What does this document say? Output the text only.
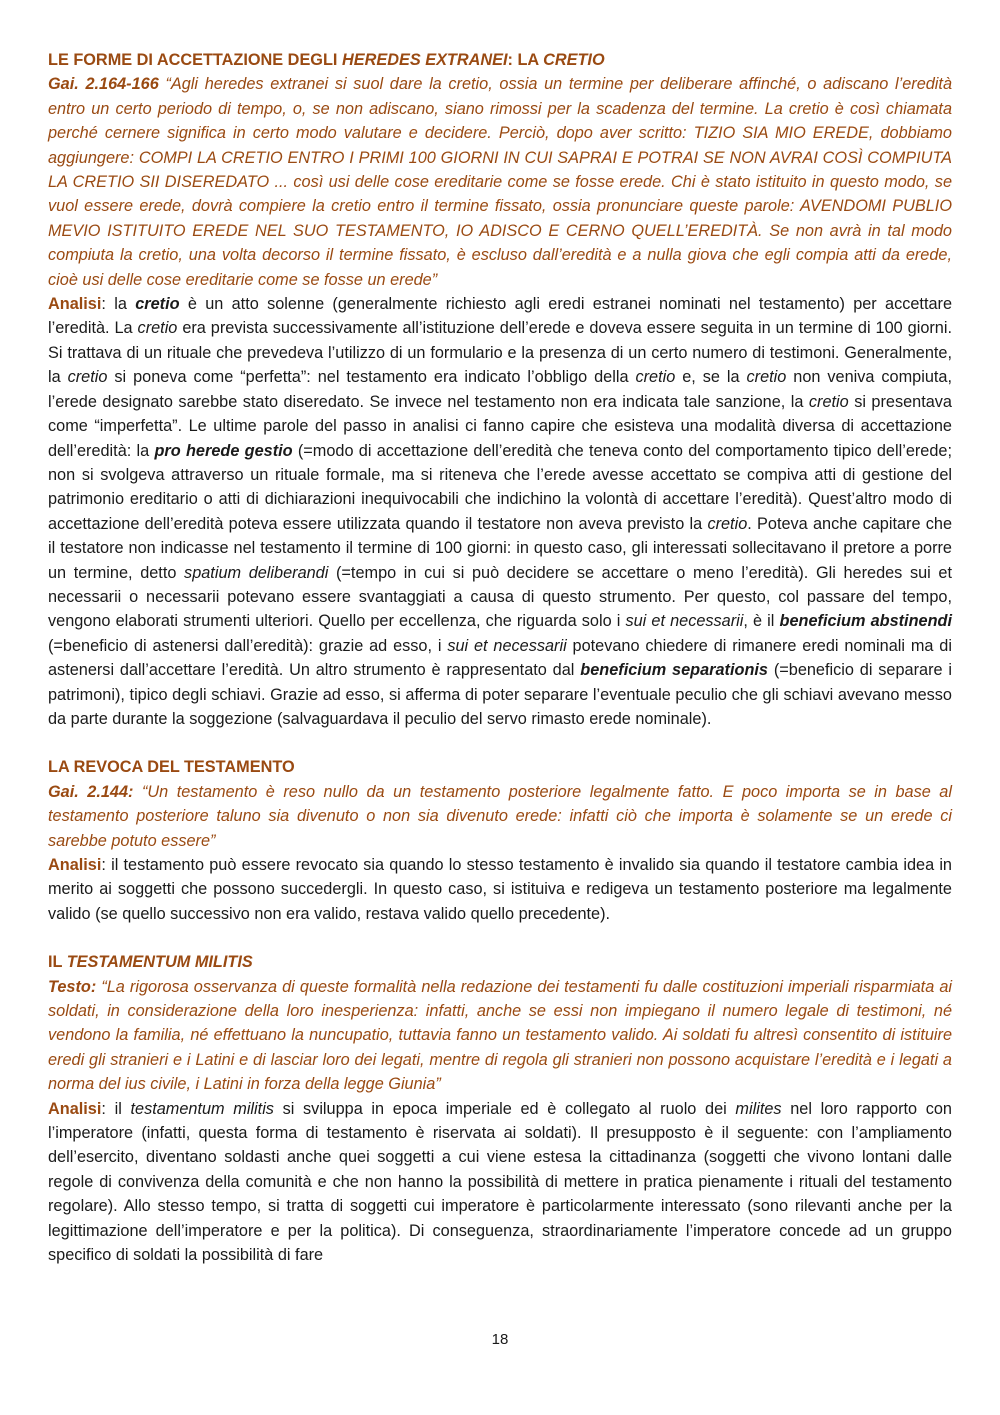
LE FORME DI ACCETTAZIONE DEGLI HEREDES EXTRANEI: LA CRETIO

Gai. 2.164-166 “Agli heredes extranei si suol dare la cretio, ossia un termine per deliberare affinché, o adiscano l’eredità entro un certo periodo di tempo, o, se non adiscano, siano rimossi per la scadenza del termine. La cretio è così chiamata perché cernere significa in certo modo valutare e decidere. Perciò, dopo aver scritto: TIZIO SIA MIO EREDE, dobbiamo aggiungere: COMPI LA CRETIO ENTRO I PRIMI 100 GIORNI IN CUI SAPRAI E POTRAI SE NON AVRAI COSÌ COMPIUTA LA CRETIO SII DISEREDATO ... così usi delle cose ereditarie come se fosse erede. Chi è stato istituito in questo modo, se vuol essere erede, dovrà compiere la cretio entro il termine fissato, ossia pronunciare queste parole: AVENDOMI PUBLIO MEVIO ISTITUITO EREDE NEL SUO TESTAMENTO, IO ADISCO E CERNO QUELL’EREDITÀ. Se non avrà in tal modo compiuta la cretio, una volta decorso il termine fissato, è escluso dall’eredità e a nulla giova che egli compia atti da erede, cioè usi delle cose ereditarie come se fosse un erede”

Analisi: la cretio è un atto solenne (generalmente richiesto agli eredi estranei nominati nel testamento) per accettare l’eredità. La cretio era prevista successivamente all’istituzione dell’erede e doveva essere seguita in un termine di 100 giorni. Si trattava di un rituale che prevedeva l’utilizzo di un formulario e la presenza di un certo numero di testimoni. Generalmente, la cretio si poneva come “perfetta”: nel testamento era indicato l’obbligo della cretio e, se la cretio non veniva compiuta, l’erede designato sarebbe stato diseredato. Se invece nel testamento non era indicata tale sanzione, la cretio si presentava come “imperfetta”. Le ultime parole del passo in analisi ci fanno capire che esisteva una modalità diversa di accettazione dell’eredità: la pro herede gestio (=modo di accettazione dell’eredità che teneva conto del comportamento tipico dell’erede; non si svolgeva attraverso un rituale formale, ma si riteneva che l’erede avesse accettato se compiva atti di gestione del patrimonio ereditario o atti di dichiarazioni inequivocabili che indichino la volontà di accettare l’eredità). Quest’altro modo di accettazione dell’eredità poteva essere utilizzata quando il testatore non aveva previsto la cretio. Poteva anche capitare che il testatore non indicasse nel testamento il termine di 100 giorni: in questo caso, gli interessati sollecitavano il pretore a porre un termine, detto spatium deliberandi (=tempo in cui si può decidere se accettare o meno l’eredità). Gli heredes sui et necessarii o necessarii potevano essere svantaggiati a causa di questo strumento. Per questo, col passare del tempo, vengono elaborati strumenti ulteriori. Quello per eccellenza, che riguarda solo i sui et necessarii, è il beneficium abstinendi (=beneficio di astenersi dall’eredità): grazie ad esso, i sui et necessarii potevano chiedere di rimanere eredi nominali ma di astenersi dall’accettare l’eredità. Un altro strumento è rappresentato dal beneficium separationis (=beneficio di separare i patrimoni), tipico degli schiavi. Grazie ad esso, si afferma di poter separare l’eventuale peculio che gli schiavi avevano messo da parte durante la soggezione (salvaguardava il peculio del servo rimasto erede nominale).

LA REVOCA DEL TESTAMENTO

Gai. 2.144: “Un testamento è reso nullo da un testamento posteriore legalmente fatto. E poco importa se in base al testamento posteriore taluno sia divenuto o non sia divenuto erede: infatti ciò che importa è solamente se un erede ci sarebbe potuto essere”

Analisi: il testamento può essere revocato sia quando lo stesso testamento è invalido sia quando il testatore cambia idea in merito ai soggetti che possono succedergli. In questo caso, si istituiva e redigeva un testamento posteriore ma legalmente valido (se quello successivo non era valido, restava valido quello precedente).

IL TESTAMENTUM MILITIS

Testo: “La rigorosa osservanza di queste formalità nella redazione dei testamenti fu dalle costituzioni imperiali risparmiata ai soldati, in considerazione della loro inesperienza: infatti, anche se essi non impiegano il numero legale di testimoni, né vendono la familia, né effettuano la nuncupatio, tuttavia fanno un testamento valido. Ai soldati fu altresì consentito di istituire eredi gli stranieri e i Latini e di lasciar loro dei legati, mentre di regola gli stranieri non possono acquistare l’eredità e i legati a norma del ius civile, i Latini in forza della legge Giunia”

Analisi: il testamentum militis si sviluppa in epoca imperiale ed è collegato al ruolo dei milites nel loro rapporto con l’imperatore (infatti, questa forma di testamento è riservata ai soldati). Il presupposto è il seguente: con l’ampliamento dell’esercito, diventano soldasti anche quei soggetti a cui viene estesa la cittadinanza (soggetti che vivono lontani dalle regole di convivenza della comunità e che non hanno la possibilità di mettere in pratica pienamente i rituali del testamento regolare). Allo stesso tempo, si tratta di soggetti cui imperatore è particolarmente interessato (sono rilevanti anche per la legittimazione dell’imperatore e per la politica). Di conseguenza, straordinariamente l’imperatore concede ad un gruppo specifico di soldati la possibilità di fare

18
